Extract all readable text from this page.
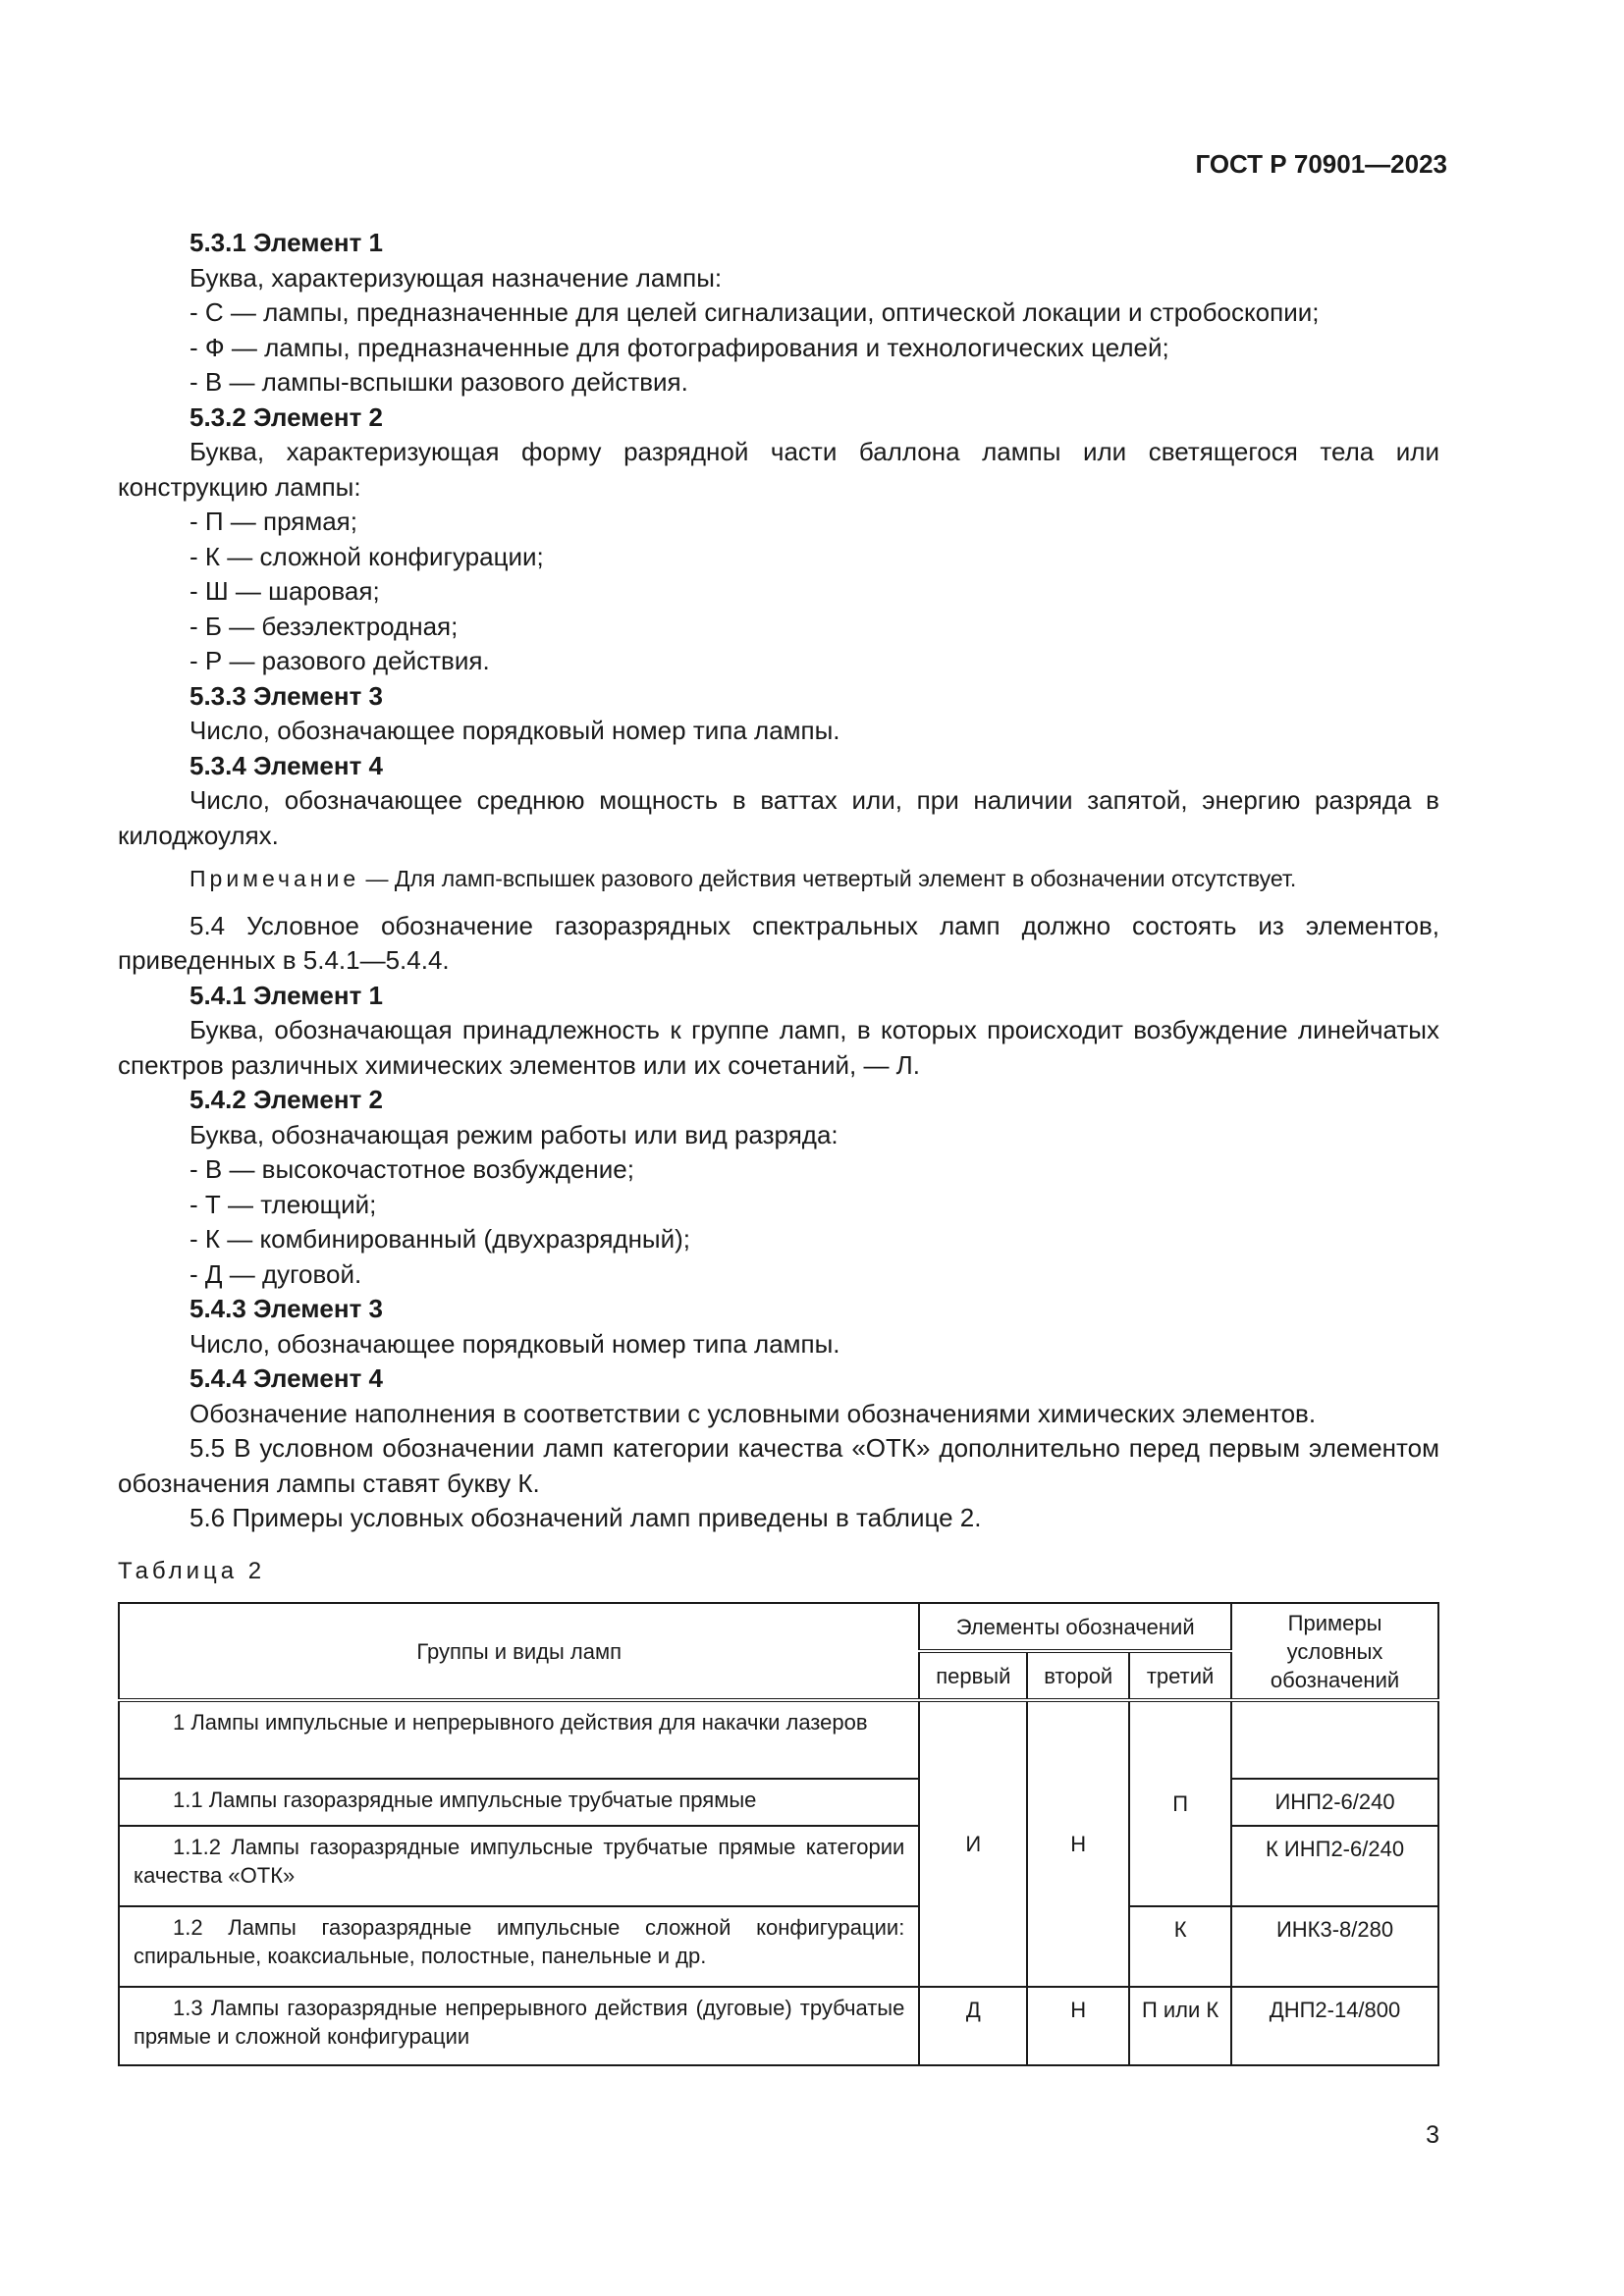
ГОСТ Р 70901—2023

5.3.1 Элемент 1

Буква, характеризующая назначение лампы:

- С — лампы, предназначенные для целей сигнализации, оптической локации и стробоскопии;

- Ф — лампы, предназначенные для фотографирования и технологических целей;

- В — лампы-вспышки разового действия.

5.3.2 Элемент 2

Буква, характеризующая форму разрядной части баллона лампы или светящегося тела или конструкцию лампы:

- П — прямая;

- К — сложной конфигурации;

- Ш — шаровая;

- Б — безэлектродная;

- Р — разового действия.

5.3.3 Элемент 3

Число, обозначающее порядковый номер типа лампы.

5.3.4 Элемент 4

Число, обозначающее среднюю мощность в ваттах или, при наличии запятой, энергию разряда в килоджоулях.

Примечание — Для ламп-вспышек разового действия четвертый элемент в обозначении отсутствует.

5.4 Условное обозначение газоразрядных спектральных ламп должно состоять из элементов, приведенных в 5.4.1—5.4.4.

5.4.1 Элемент 1

Буква, обозначающая принадлежность к группе ламп, в которых происходит возбуждение линейчатых спектров различных химических элементов или их сочетаний, — Л.

5.4.2 Элемент 2

Буква, обозначающая режим работы или вид разряда:

- В — высокочастотное возбуждение;

- Т — тлеющий;

- К — комбинированный (двухразрядный);

- Д — дуговой.

5.4.3 Элемент 3

Число, обозначающее порядковый номер типа лампы.

5.4.4 Элемент 4

Обозначение наполнения в соответствии с условными обозначениями химических элементов.

5.5 В условном обозначении ламп категории качества «ОТК» дополнительно перед первым элементом обозначения лампы ставят букву К.

5.6 Примеры условных обозначений ламп приведены в таблице 2.

Таблица 2

Группы и виды ламп	Элементы обозначений			Примеры условных обозначений
	первый	второй	третий	

1 Лампы импульсные и непрерывного действия для накачки лазеров	И	Н	П	

1.1 Лампы газоразрядные импульсные трубчатые прямые				ИНП2-6/240

1.1.2 Лампы газоразрядные импульсные трубчатые прямые категории качества «ОТК»				К ИНП2-6/240

1.2 Лампы газоразрядные импульсные сложной конфигурации: спиральные, коаксиальные, полостные, панельные и др.			К	ИНК3-8/280

1.3 Лампы газоразрядные непрерывного действия (дуговые) трубчатые прямые и сложной конфигурации	Д	Н	П или К	ДНП2-14/800
3
